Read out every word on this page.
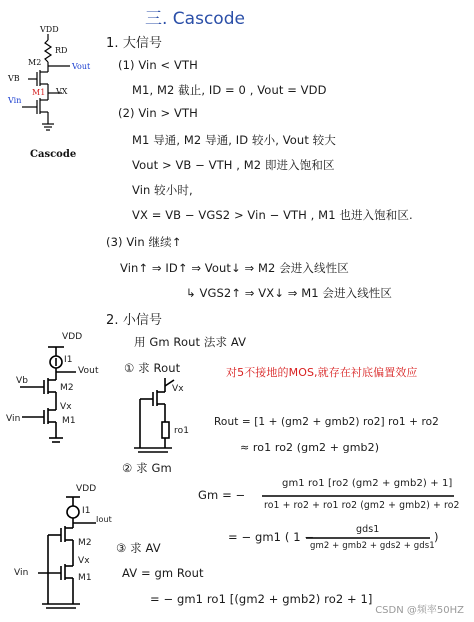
三. Cascode
VDD
RD
M2	Vout
VB
M1 VX
Vin
Cascode
1. 大信号
(1) Vin < VTH
M1, M2 截止, ID = 0 , Vout = VDD
(2) Vin > VTH
M1 导通, M2 导通, ID 较小, Vout 较大
Vout > VB − VTH , M2 即进入饱和区
Vin 较小时,
VX = VB − VGS2 > Vin − VTH , M1 也进入饱和区.
(3) Vin 继续↑
Vin↑ ⇒ ID↑ ⇒ Vout↓ ⇒ M2 会进入线性区
↳ VGS2↑ ⇒ VX↓ ⇒ M1 会进入线性区
2. 小信号
用 Gm Rout 法求 AV
① 求 Rout	对5不接地的MOS,就存在衬底偏置效应
Rout = [1 + (gm2 + gmb2) ro2] ro1 + ro2
≈ ro1 ro2 (gm2 + gmb2)
② 求 Gm
Gm = −
gm1 ro1 [ro2 (gm2 + gmb2) + 1]
ro1 + ro2 + ro1 ro2 (gm2 + gmb2) + ro2
= − gm1 ( 1 −
gds1
gm2 + gmb2 + gds2 + gds1
)
③ 求 AV
AV = gm Rout
= − gm1 ro1 [(gm2 + gmb2) ro2 + 1]
VDD
I1
Vb
Vout
M2
Vx
Vin	M1
Vx
ro1
VDD
I1
Iout
M2
Vx
Vin	M1
CSDN @频率50HZ
